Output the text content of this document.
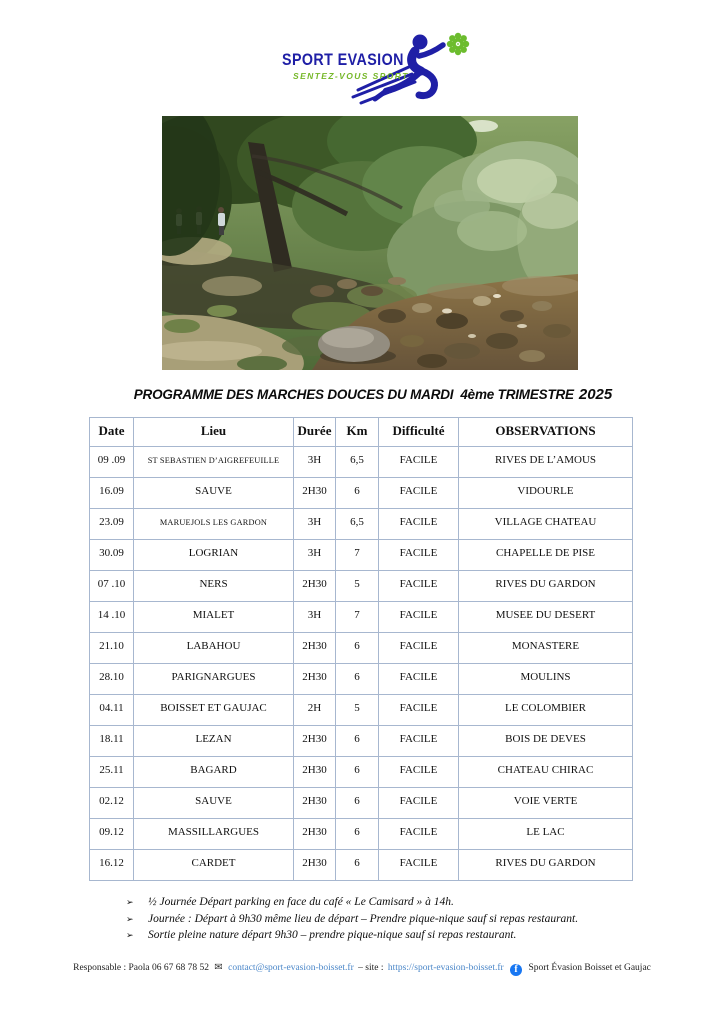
SPORT EVASION
SENTEZ-VOUS SPORT
PROGRAMME DES MARCHES DOUCES DU MARDI 4ème TRIMESTRE 2025
Date	Lieu	Durée	Km	Difficulté	OBSERVATIONS
09 .09	ST SEBASTIEN D’AIGREFEUILLE	3H	6,5	FACILE	RIVES DE L’AMOUS
16.09	SAUVE	2H30	6	FACILE	VIDOURLE
23.09	MARUEJOLS LES GARDON	3H	6,5	FACILE	VILLAGE CHATEAU
30.09	LOGRIAN	3H	7	FACILE	CHAPELLE DE PISE
07 .10	NERS	2H30	5	FACILE	RIVES DU GARDON
14 .10	MIALET	3H	7	FACILE	MUSEE DU DESERT
21.10	LABAHOU	2H30	6	FACILE	MONASTERE
28.10	PARIGNARGUES	2H30	6	FACILE	MOULINS
04.11	BOISSET ET GAUJAC	2H	5	FACILE	LE COLOMBIER
18.11	LEZAN	2H30	6	FACILE	BOIS DE DEVES
25.11	BAGARD	2H30	6	FACILE	CHATEAU CHIRAC
02.12	SAUVE	2H30	6	FACILE	VOIE VERTE
09.12	MASSILLARGUES	2H30	6	FACILE	LE LAC
16.12	CARDET	2H30	6	FACILE	RIVES DU GARDON
➢	½ Journée Départ parking en face du café « Le Camisard » à 14h.
➢	Journée : Départ à 9h30 même lieu de départ – Prendre pique-nique sauf si repas restaurant.
➢	Sortie pleine nature départ 9h30 – prendre pique-nique sauf si repas restaurant.
Responsable : Paola 06 67 68 78 52 ✉ contact@sport-evasion-boisset.fr – site : https://sport-evasion-boisset.fr f Sport Évasion Boisset et Gaujac
